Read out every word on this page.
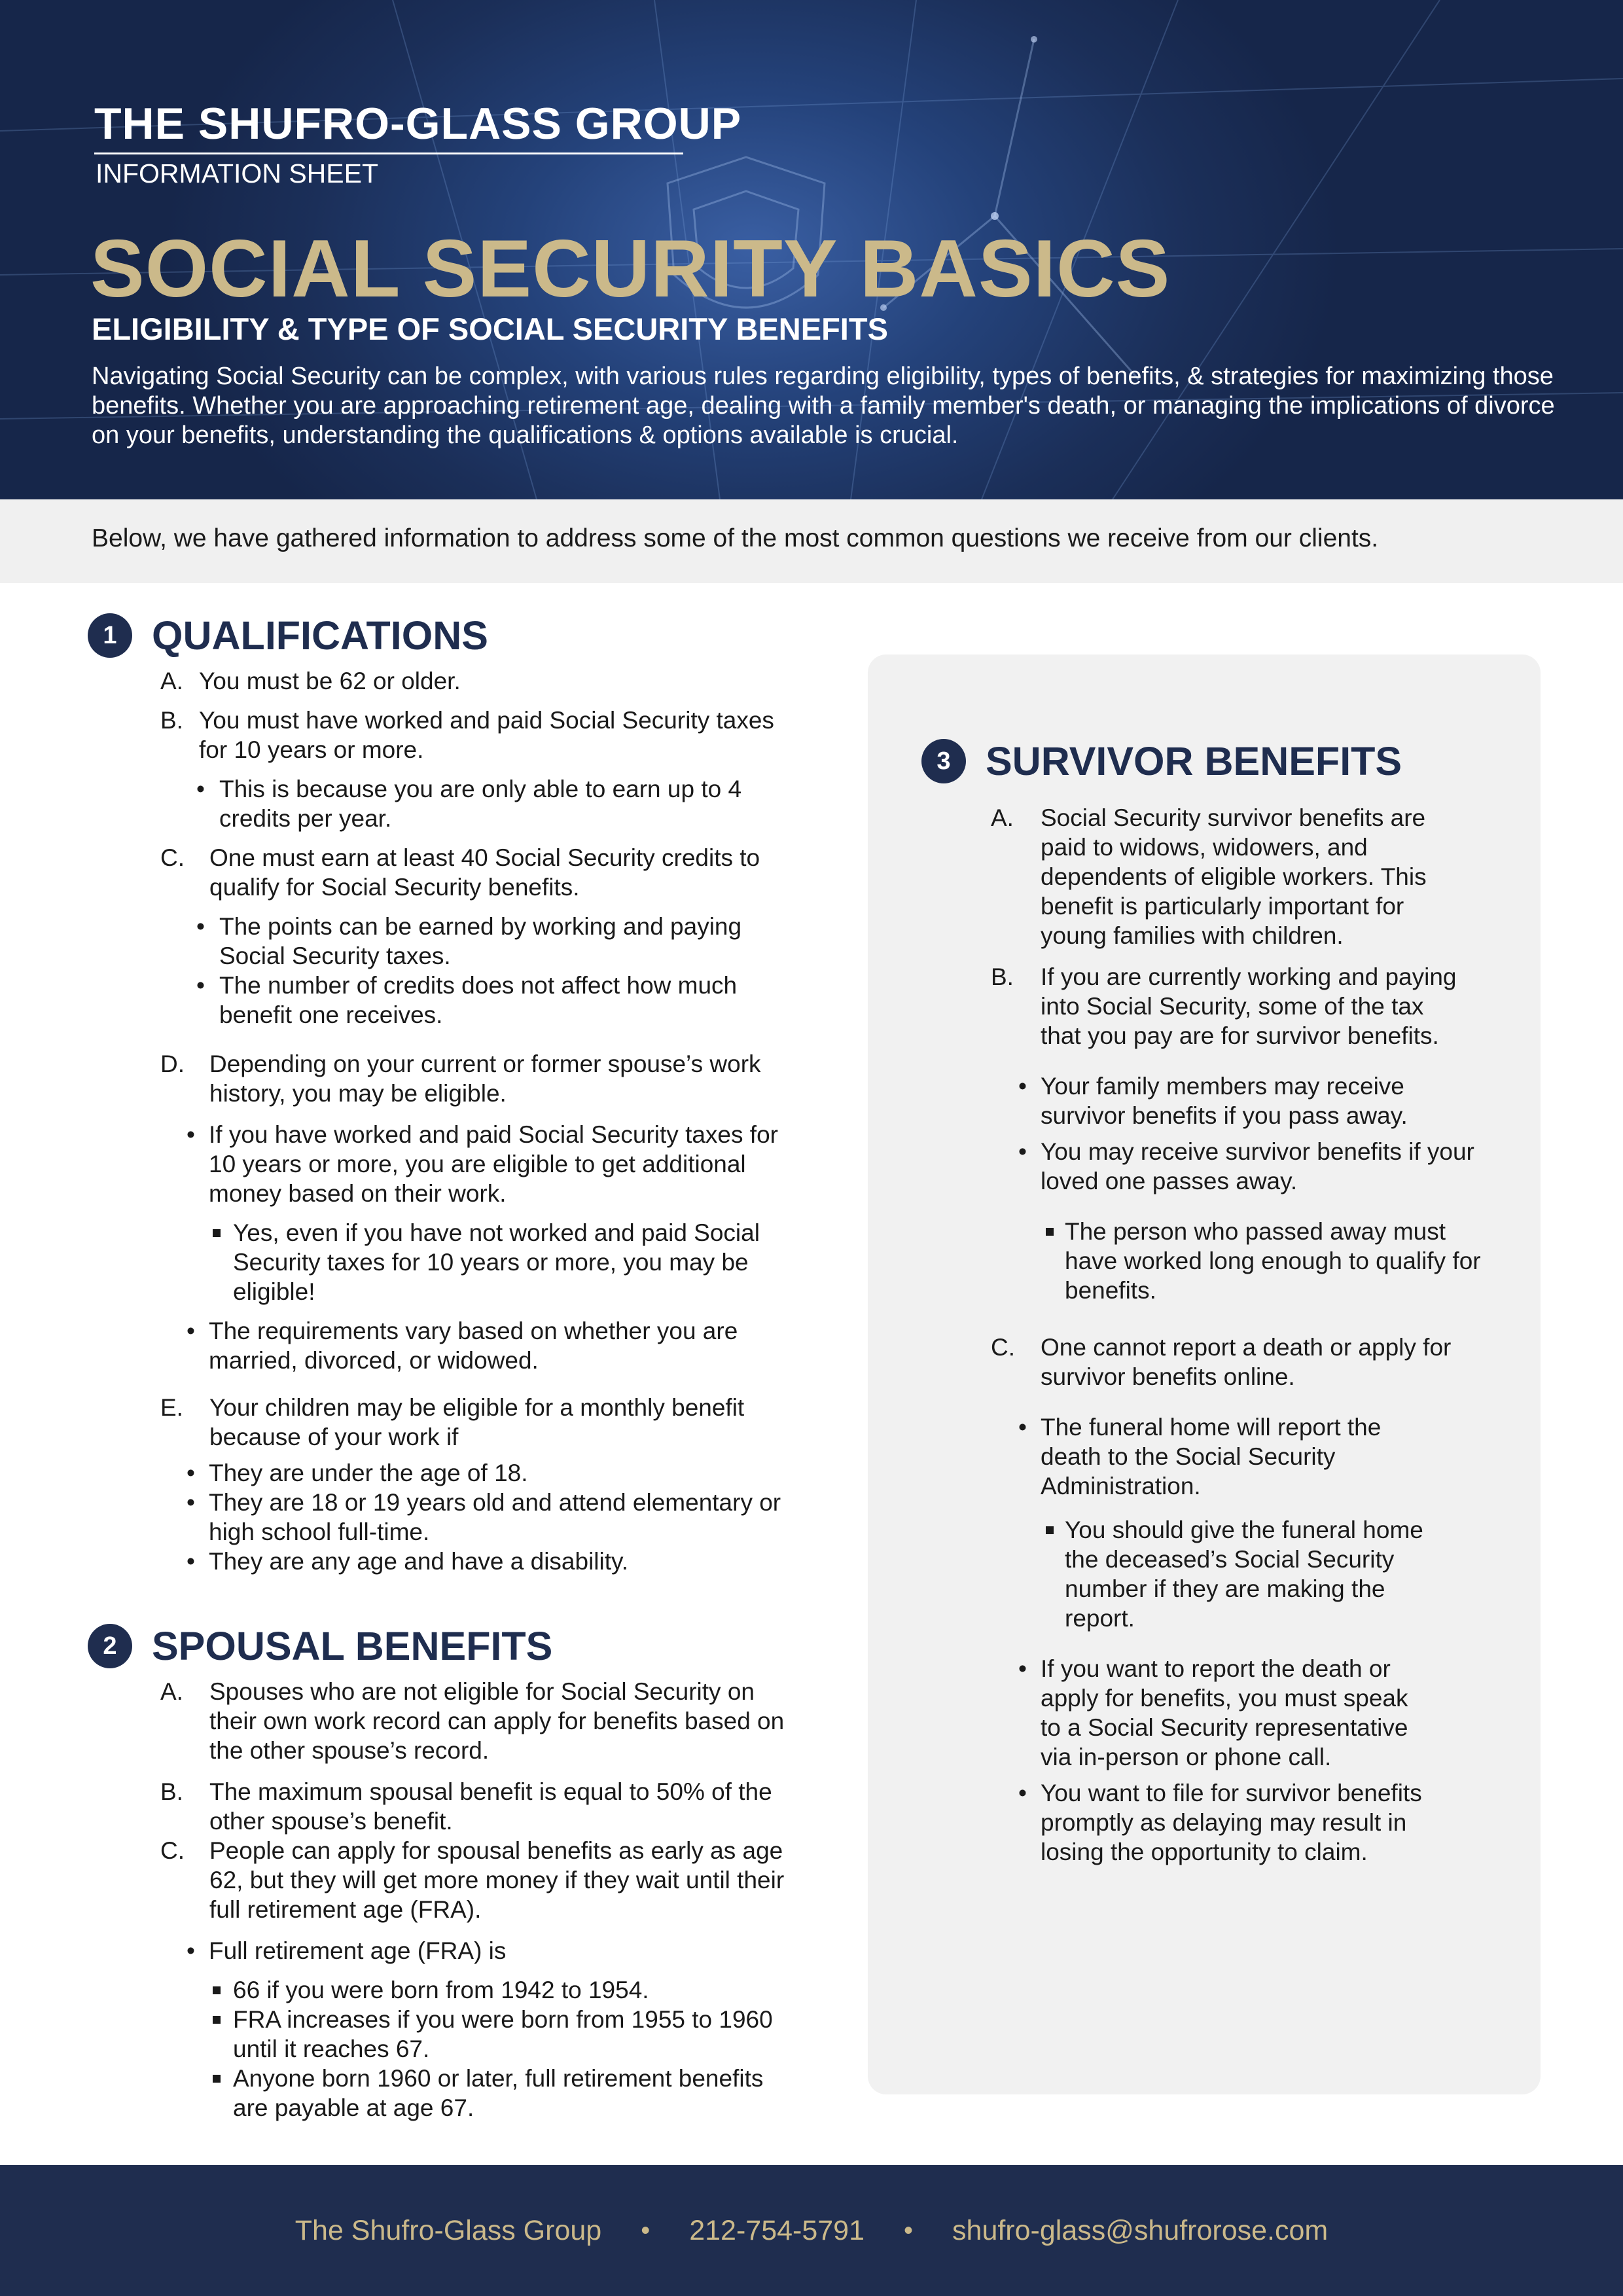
THE SHUFRO-GLASS GROUP
INFORMATION SHEET
SOCIAL SECURITY BASICS
ELIGIBILITY & TYPE OF SOCIAL SECURITY BENEFITS
Navigating Social Security can be complex, with various rules regarding eligibility, types of benefits, & strategies for maximizing those benefits. Whether you are approaching retirement age, dealing with a family member's death, or managing the implications of divorce on your benefits, understanding the qualifications & options available is crucial.

Below, we have gathered information to address some of the most common questions we receive from our clients.

1 QUALIFICATIONS
A. You must be 62 or older.
B. You must have worked and paid Social Security taxes for 10 years or more.
• This is because you are only able to earn up to 4 credits per year.
C. One must earn at least 40 Social Security credits to qualify for Social Security benefits.
• The points can be earned by working and paying Social Security taxes.
• The number of credits does not affect how much benefit one receives.
D. Depending on your current or former spouse’s work history, you may be eligible.
• If you have worked and paid Social Security taxes for 10 years or more, you are eligible to get additional money based on their work.
Yes, even if you have not worked and paid Social Security taxes for 10 years or more, you may be eligible!
• The requirements vary based on whether you are married, divorced, or widowed.
E. Your children may be eligible for a monthly benefit because of your work if
• They are under the age of 18.
• They are 18 or 19 years old and attend elementary or high school full-time.
• They are any age and have a disability.
2 SPOUSAL BENEFITS
A. Spouses who are not eligible for Social Security on their own work record can apply for benefits based on the other spouse’s record.
B. The maximum spousal benefit is equal to 50% of the other spouse’s benefit.
C. People can apply for spousal benefits as early as age 62, but they will get more money if they wait until their full retirement age (FRA).
• Full retirement age (FRA) is
66 if you were born from 1942 to 1954.
FRA increases if you were born from 1955 to 1960 until it reaches 67.
Anyone born 1960 or later, full retirement benefits are payable at age 67.
3 SURVIVOR BENEFITS
A. Social Security survivor benefits are paid to widows, widowers, and dependents of eligible workers. This benefit is particularly important for young families with children.
B. If you are currently working and paying into Social Security, some of the tax that you pay are for survivor benefits.
• Your family members may receive survivor benefits if you pass away.
• You may receive survivor benefits if your loved one passes away.
The person who passed away must have worked long enough to qualify for benefits.
C. One cannot report a death or apply for survivor benefits online.
• The funeral home will report the death to the Social Security Administration.
You should give the funeral home the deceased’s Social Security number if they are making the report.
• If you want to report the death or apply for benefits, you must speak to a Social Security representative via in-person or phone call.
• You want to file for survivor benefits promptly as delaying may result in losing the opportunity to claim.
The Shufro-Glass Group • 212-754-5791 • shufro-glass@shufrorose.com
